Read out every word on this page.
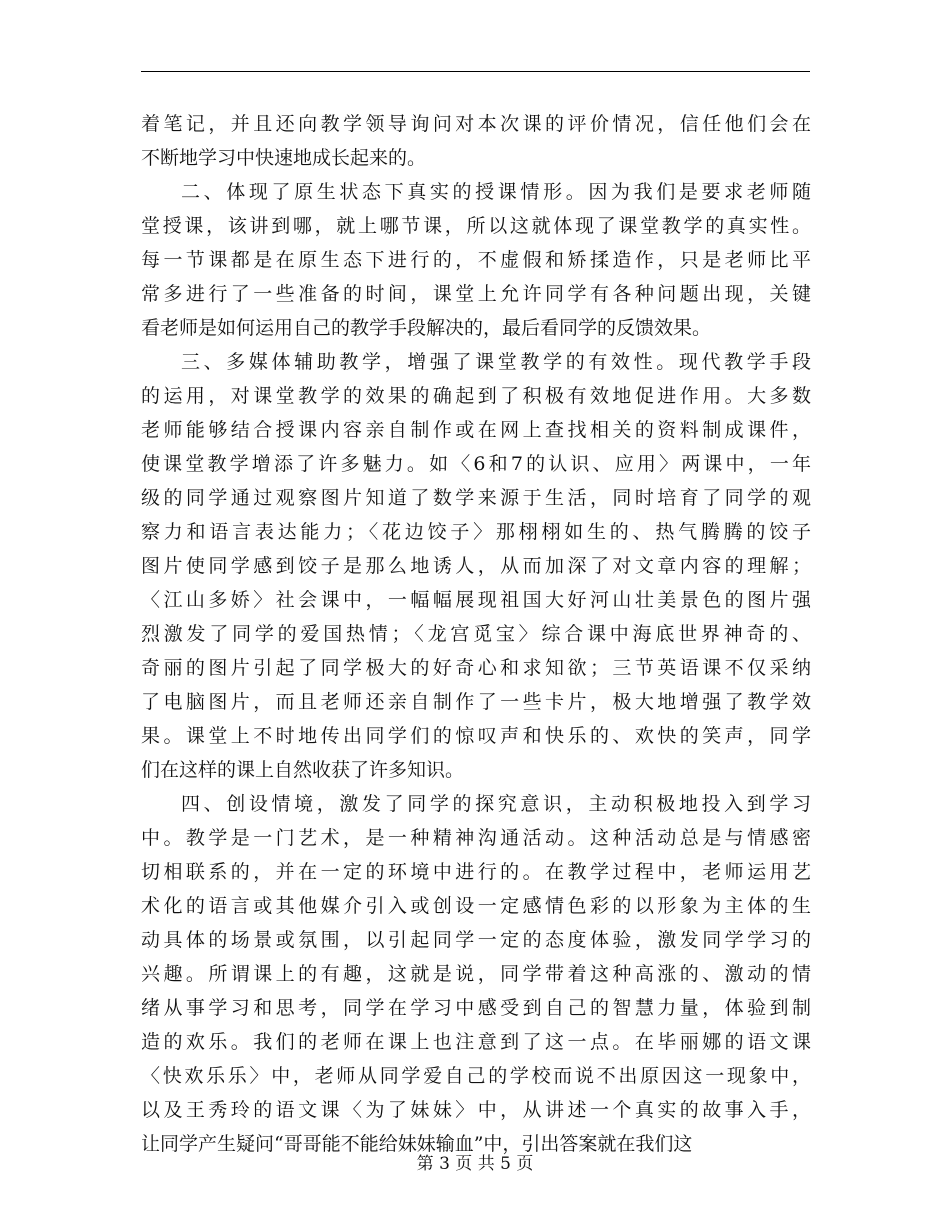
着笔记，并且还向教学领导询问对本次课的评价情况，信任他们会在
不断地学习中快速地成长起来的。
二、体现了原生状态下真实的授课情形。因为我们是要求老师随
堂授课，该讲到哪，就上哪节课，所以这就体现了课堂教学的真实性。
每一节课都是在原生态下进行的，不虚假和矫揉造作，只是老师比平
常多进行了一些准备的时间，课堂上允许同学有各种问题出现，关键
看老师是如何运用自己的教学手段解决的，最后看同学的反馈效果。
三、多媒体辅助教学，增强了课堂教学的有效性。现代教学手段
的运用，对课堂教学的效果的确起到了积极有效地促进作用。大多数
老师能够结合授课内容亲自制作或在网上查找相关的资料制成课件，
使课堂教学增添了许多魅力。如〈6和7的认识、应用〉两课中，一年
级的同学通过观察图片知道了数学来源于生活，同时培育了同学的观
察力和语言表达能力；〈花边饺子〉那栩栩如生的、热气腾腾的饺子
图片使同学感到饺子是那么地诱人，从而加深了对文章内容的理解；
〈江山多娇〉社会课中，一幅幅展现祖国大好河山壮美景色的图片强
烈激发了同学的爱国热情；〈龙宫觅宝〉综合课中海底世界神奇的、
奇丽的图片引起了同学极大的好奇心和求知欲；三节英语课不仅采纳
了电脑图片，而且老师还亲自制作了一些卡片，极大地增强了教学效
果。课堂上不时地传出同学们的惊叹声和快乐的、欢快的笑声，同学
们在这样的课上自然收获了许多知识。
四、创设情境，激发了同学的探究意识，主动积极地投入到学习
中。教学是一门艺术，是一种精神沟通活动。这种活动总是与情感密
切相联系的，并在一定的环境中进行的。在教学过程中，老师运用艺
术化的语言或其他媒介引入或创设一定感情色彩的以形象为主体的生
动具体的场景或氛围，以引起同学一定的态度体验，激发同学学习的
兴趣。所谓课上的有趣，这就是说，同学带着这种高涨的、激动的情
绪从事学习和思考，同学在学习中感受到自己的智慧力量，体验到制
造的欢乐。我们的老师在课上也注意到了这一点。在毕丽娜的语文课
〈快欢乐乐〉中，老师从同学爱自己的学校而说不出原因这一现象中，
以及王秀玲的语文课〈为了妹妹〉中，从讲述一个真实的故事入手，
让同学产生疑问“哥哥能不能给妹妹输血”中，引出答案就在我们这
第 3 页 共 5 页
